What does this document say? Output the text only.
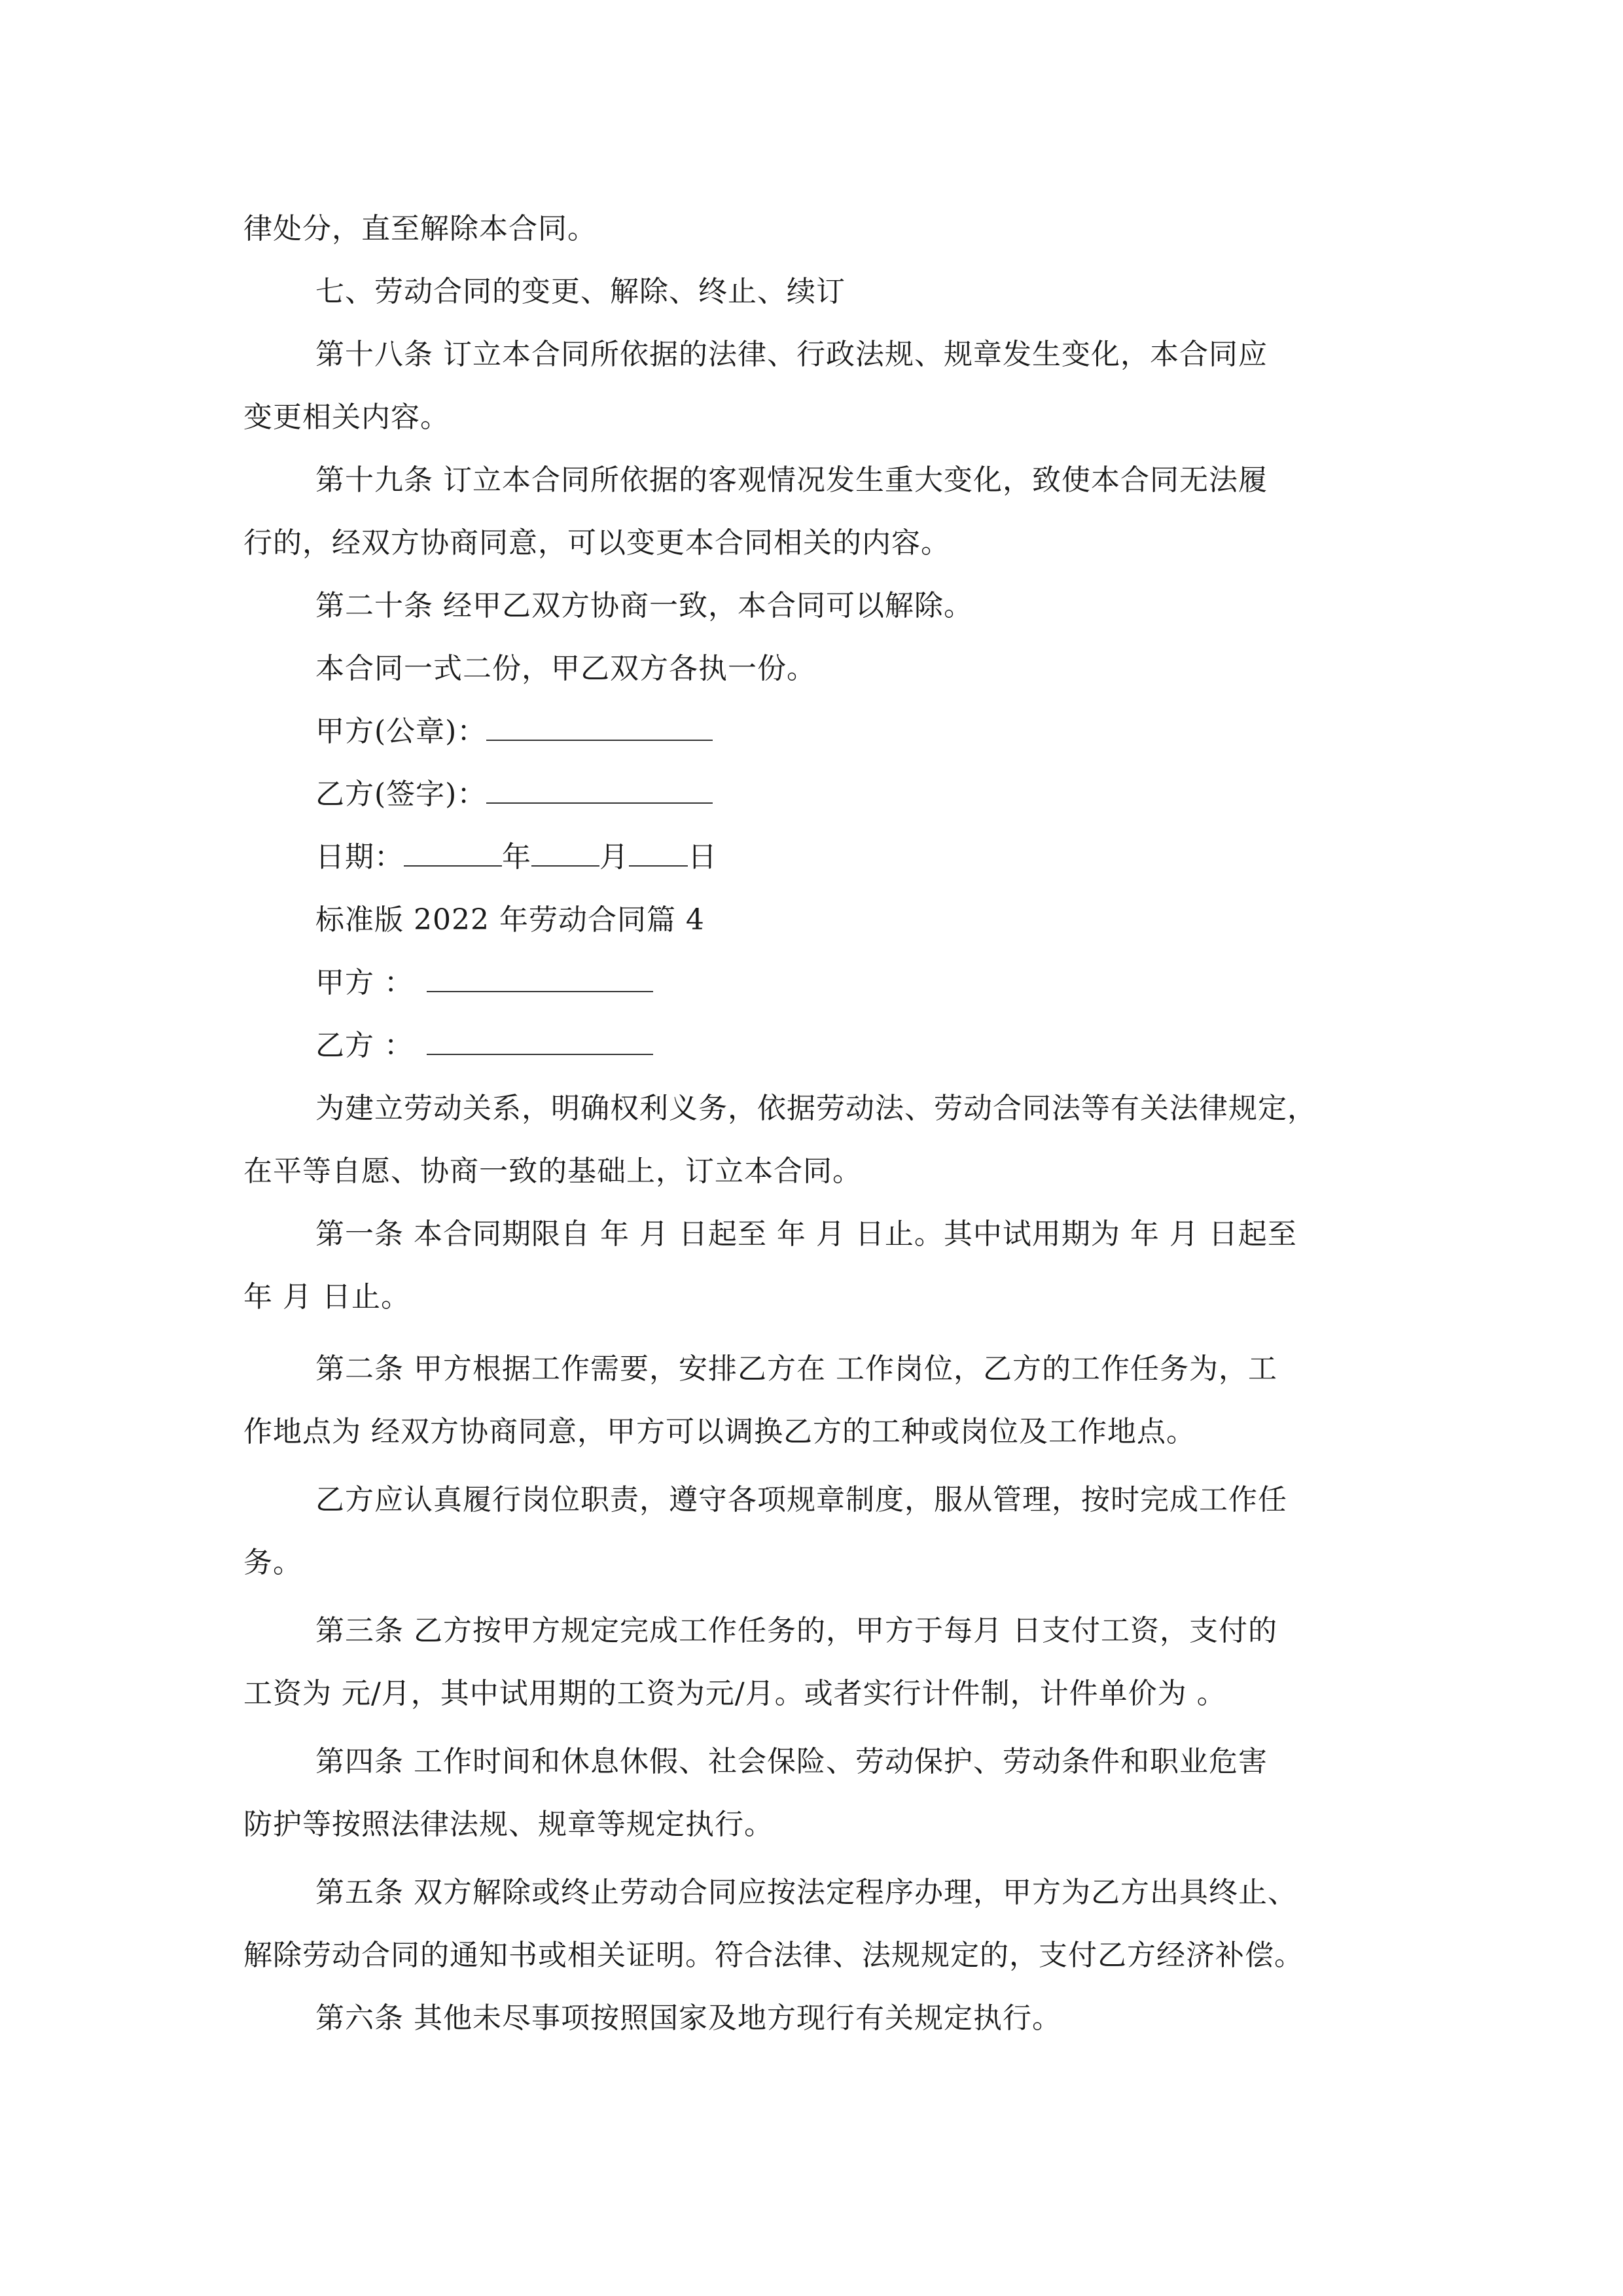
律处分，直至解除本合同。
七、劳动合同的变更、解除、终止、续订
第十八条 订立本合同所依据的法律、行政法规、规章发生变化，本合同应
变更相关内容。
第十九条 订立本合同所依据的客观情况发生重大变化，致使本合同无法履
行的，经双方协商同意，可以变更本合同相关的内容。
第二十条 经甲乙双方协商一致，本合同可以解除。
本合同一式二份，甲乙双方各执一份。
甲方(公章)：
乙方(签字)：
日期：	年 月 日
标准版 2022 年劳动合同篇 4
甲方 ：
乙方 ：
为建立劳动关系，明确权利义务，依据劳动法、劳动合同法等有关法律规定，
在平等自愿、协商一致的基础上，订立本合同。
第一条 本合同期限自 年 月 日起至 年 月 日止。其中试用期为 年 月 日起至
年 月 日止。
第二条 甲方根据工作需要，安排乙方在 工作岗位，乙方的工作任务为，工
作地点为 经双方协商同意，甲方可以调换乙方的工种或岗位及工作地点。
乙方应认真履行岗位职责，遵守各项规章制度，服从管理，按时完成工作任
务。
第三条 乙方按甲方规定完成工作任务的，甲方于每月 日支付工资，支付的
工资为 元/月，其中试用期的工资为元/月。或者实行计件制，计件单价为 。
第四条 工作时间和休息休假、社会保险、劳动保护、劳动条件和职业危害
防护等按照法律法规、规章等规定执行。
第五条 双方解除或终止劳动合同应按法定程序办理，甲方为乙方出具终止、
解除劳动合同的通知书或相关证明。符合法律、法规规定的，支付乙方经济补偿。
第六条 其他未尽事项按照国家及地方现行有关规定执行。
